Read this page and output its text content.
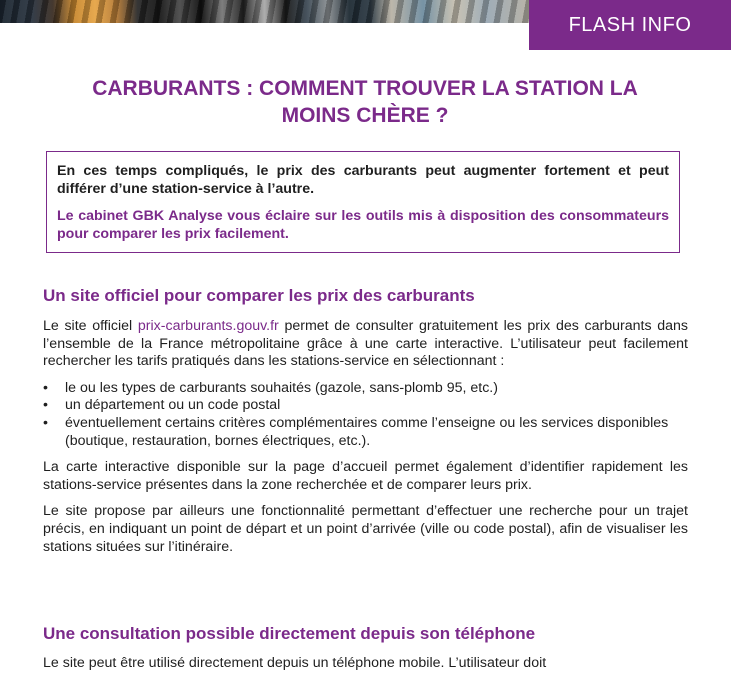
FLASH INFO
CARBURANTS : COMMENT TROUVER LA STATION LA
MOINS CHÈRE ?

En ces temps compliqués, le prix des carburants peut augmenter fortement et peut différer d’une station-service à l’autre.

Le cabinet GBK Analyse vous éclaire sur les outils mis à disposition des consommateurs pour comparer les prix facilement.

Un site officiel pour comparer les prix des carburants

Le site officiel prix-carburants.gouv.fr permet de consulter gratuitement les prix des carburants dans l’ensemble de la France métropolitaine grâce à une carte interactive. L’utilisateur peut facilement rechercher les tarifs pratiqués dans les stations-service en sélectionnant :

• le ou les types de carburants souhaités (gazole, sans-plomb 95, etc.)
• un département ou un code postal
• éventuellement certains critères complémentaires comme l’enseigne ou les services disponibles (boutique, restauration, bornes électriques, etc.).

La carte interactive disponible sur la page d’accueil permet également d’identifier rapidement les stations-service présentes dans la zone recherchée et de comparer leurs prix.

Le site propose par ailleurs une fonctionnalité permettant d’effectuer une recherche pour un trajet précis, en indiquant un point de départ et un point d’arrivée (ville ou code postal), afin de visualiser les stations situées sur l’itinéraire.

Une consultation possible directement depuis son téléphone

Le site peut être utilisé directement depuis un téléphone mobile. L’utilisateur doit
